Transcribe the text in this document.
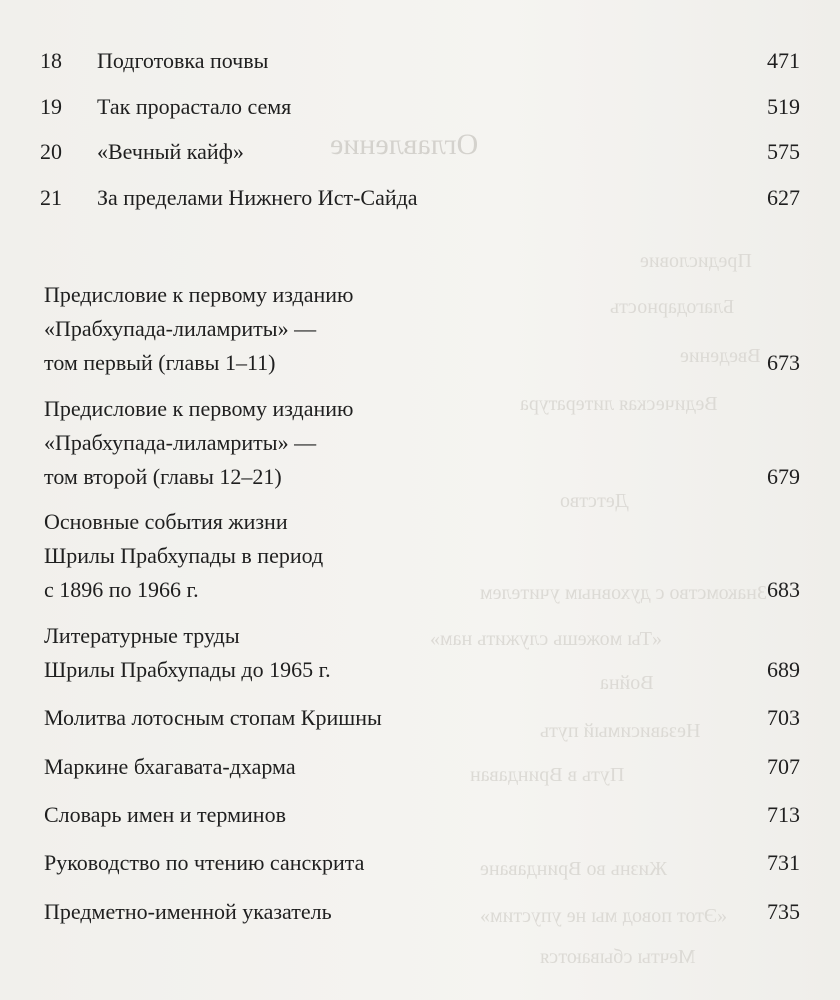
Оглавление
Предисловие
Благодарность
Введение
Ведическая литература
Детство
Знакомство с духовным учителем
«Ты можешь служить нам»
Война
Независимый путь
Путь в Вриндаван
Жизнь во Вриндаване
«Этот повод мы не упустим»
Мечты сбываются
18 Подготовка почвы	471
19 Так прорастало семя	519
20 «Вечный кайф»	575
21 За пределами Нижнего Ист-Сайда	627
Предисловие к первому изданию
«Прабхупада-лиламриты» —
том первый (главы 1–11)	673
Предисловие к первому изданию
«Прабхупада-лиламриты» —
том второй (главы 12–21)	679
Основные события жизни
Шрилы Прабхупады в период
с 1896 по 1966 г.	683
Литературные труды
Шрилы Прабхупады до 1965 г.	689
Молитва лотосным стопам Кришны	703
Маркине бхагавата-дхарма	707
Словарь имен и терминов	713
Руководство по чтению санскрита	731
Предметно-именной указатель	735
